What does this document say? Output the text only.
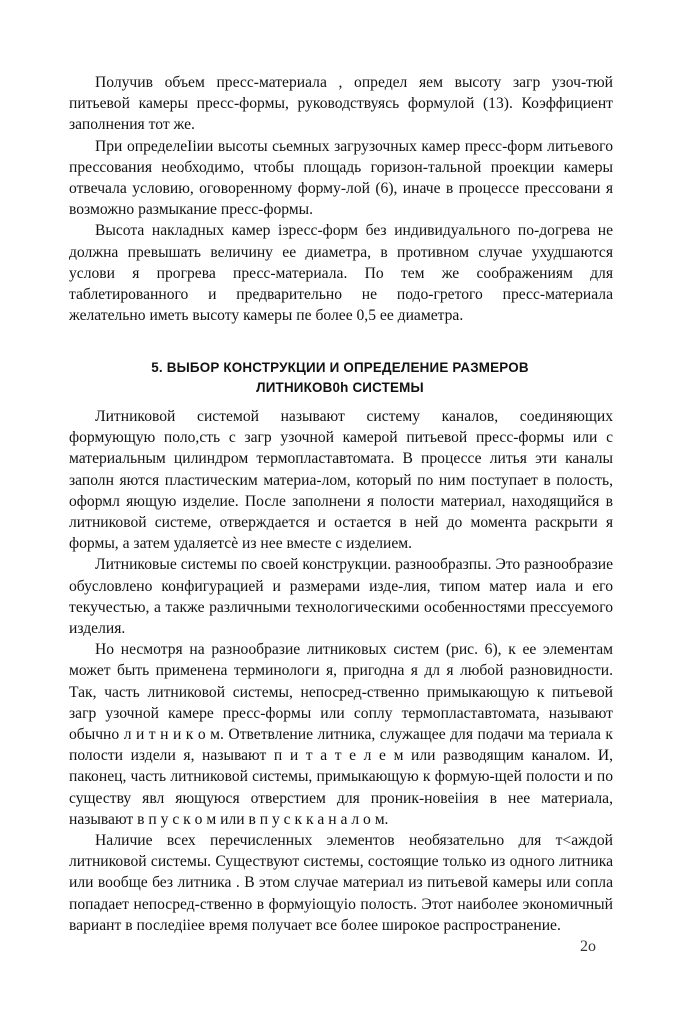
Получив объем пресс-материала , определ яем высоту загр узоч-тюй питьевой камеры пресс-формы, руководствуясь формулой (13). Коэффициент заполнения тот же.
При определеIiии высоты сьемных загрузочных камер пресс-форм литьевого прессования необходимо, чтобы площадь горизон-тальной проекции камеры отвечала условию, оговоренному форму-лой (6), иначе в процессе прессовани я возможно размыкание пресс-формы.
Высота накладных камер iзресс-форм без индивидуального по-догрева не должна превышать величину ее диаметра, в противном случае ухудшаются услови я прогрева пресс-материала. По тем же соображениям для таблетированного и предварительно не подо-гретого пресс-материала желательно иметь высоту камеры пе более 0,5 ее диаметра.
5. ВЫБОР КОНСТРУКЦИИ И ОПРЕДЕЛЕНИЕ РАЗМЕРОВ
ЛИТНИКОВ0h СИСТЕМЫ
Литниковой системой называют систему каналов, соединяющих формующую поло,сть с загр узочной камерой питьевой пресс-формы или с материальным цилиндром термопластавтомата. В процессе литья эти каналы заполн яются пластическим материа-лом, который по ним поступает в полость, оформл яющую изделие. После заполнени я полости материал, находящийся в литниковой системе, отверждается и остается в ней до момента раскрыти я формы, а затем удаляетсѐ из нее вместе с изделием.
Литниковые системы по своей конструкции. разнообразпы. Это разнообразие обусловлено конфигурацией и размерами изде-лия, типом матер иала и его текучестью, а также различными технологическими особенностями прессуемого изделия.
Но несмотря на разнообразие литниковых систем (рис. 6), к ее элементам может быть применена терминологи я, пригодна я дл я любой разновидности. Так, часть литниковой системы, непосред-ственно примыкающую к питьевой загр узочной камере пресс-формы или соплу термопластавтомата, называют обычно л и т н и к о м. Ответвление литника, служащее для подачи ма териала к полости издели я, называют п и т а т е л е м или разводящим каналом. И, паконец, часть литниковой системы, примыкающую к формую-щей полости и по существу явл яющуюся отверстием для проник-новеiiия в нее материала, называют в п у с к о м или в п у с к к а н а л о м.
Наличие всех перечисленных элементов необязательно для т<аждой литниковой системы. Существуют системы, состоящие только из одного литника или вообще без литника . В этом случае материал из питьевой камеры или сопла попадает непосред-ственно в формуiощуio полость. Этот наиболее экономичный вариант в последiiее время получает все более широкое распространение.
2о
